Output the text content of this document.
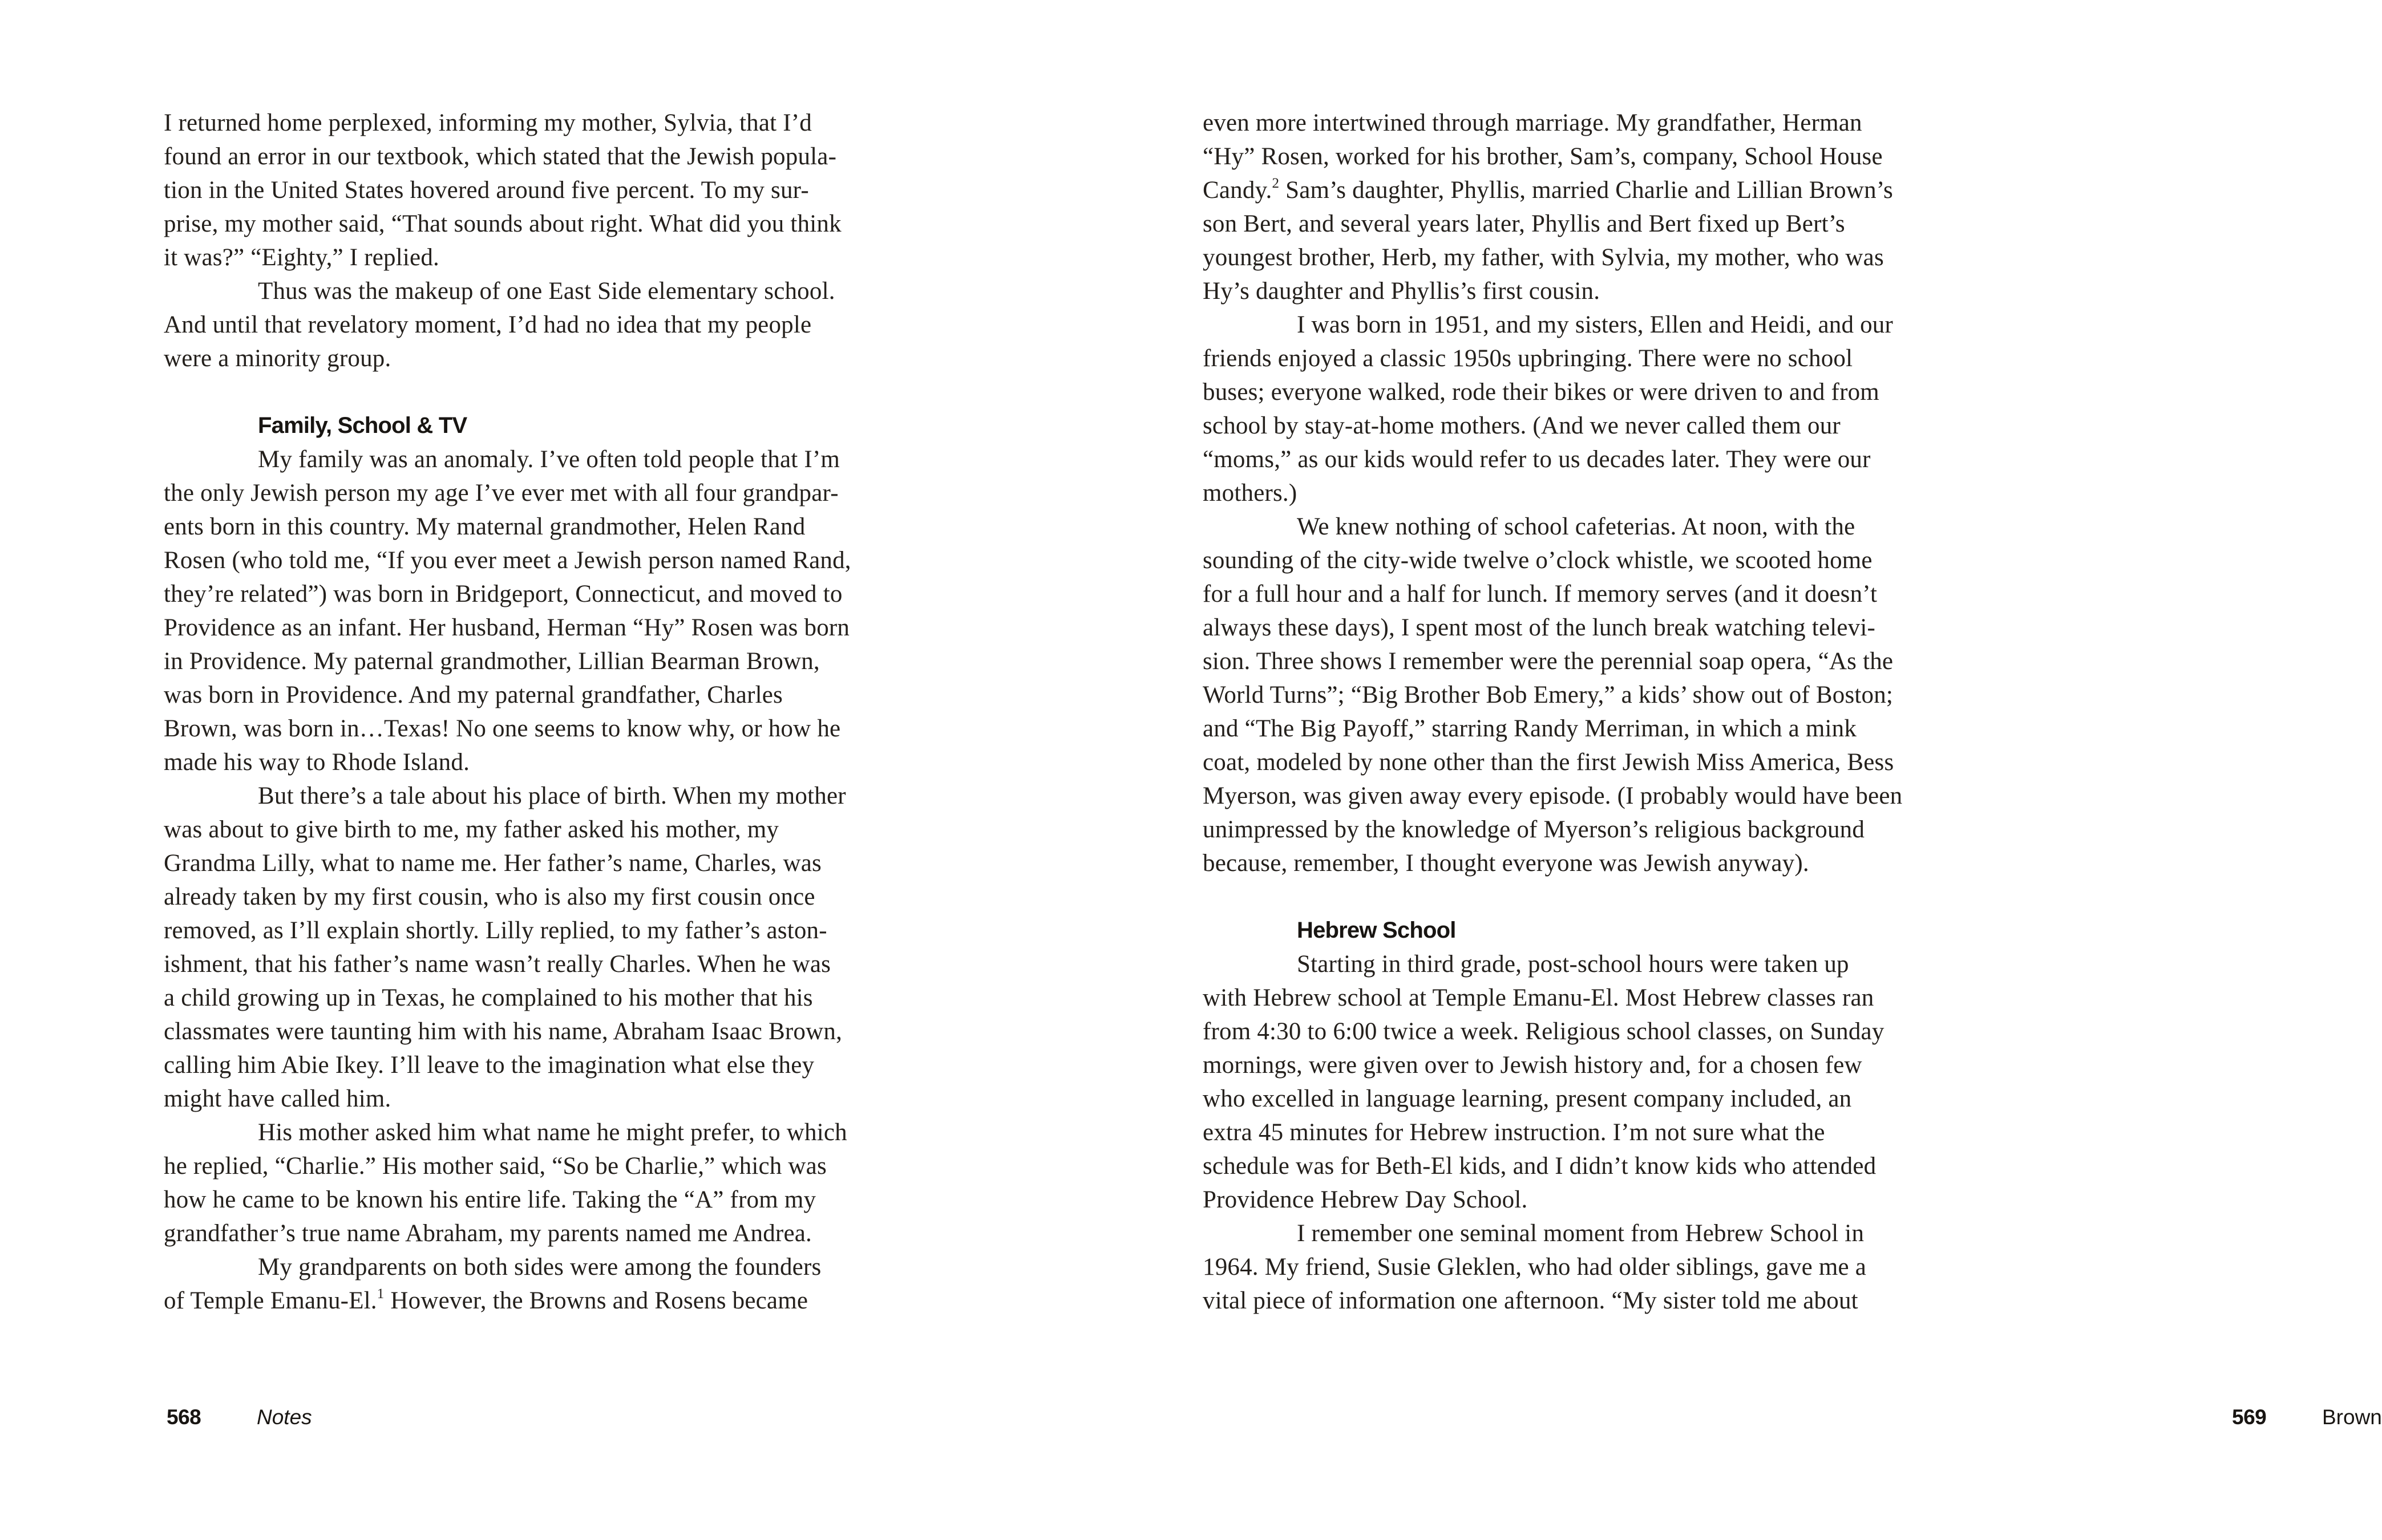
I returned home perplexed, informing my mother, Sylvia, that I’d
found an error in our textbook, which stated that the Jewish popula-
tion in the United States hovered around five percent. To my sur-
prise, my mother said, “That sounds about right. What did you think
it was?” “Eighty,” I replied.

Thus was the makeup of one East Side elementary school.
And until that revelatory moment, I’d had no idea that my people
were a minority group.

Family, School & TV

My family was an anomaly. I’ve often told people that I’m
the only Jewish person my age I’ve ever met with all four grandpar-
ents born in this country. My maternal grandmother, Helen Rand
Rosen (who told me, “If you ever meet a Jewish person named Rand,
they’re related”) was born in Bridgeport, Connecticut, and moved to
Providence as an infant. Her husband, Herman “Hy” Rosen was born
in Providence. My paternal grandmother, Lillian Bearman Brown,
was born in Providence. And my paternal grandfather, Charles
Brown, was born in…Texas! No one seems to know why, or how he
made his way to Rhode Island.

But there’s a tale about his place of birth. When my mother
was about to give birth to me, my father asked his mother, my
Grandma Lilly, what to name me. Her father’s name, Charles, was
already taken by my first cousin, who is also my first cousin once
removed, as I’ll explain shortly. Lilly replied, to my father’s aston-
ishment, that his father’s name wasn’t really Charles. When he was
a child growing up in Texas, he complained to his mother that his
classmates were taunting him with his name, Abraham Isaac Brown,
calling him Abie Ikey. I’ll leave to the imagination what else they
might have called him.

His mother asked him what name he might prefer, to which
he replied, “Charlie.” His mother said, “So be Charlie,” which was
how he came to be known his entire life. Taking the “A” from my
grandfather’s true name Abraham, my parents named me Andrea.

My grandparents on both sides were among the founders
of Temple Emanu-El.$^1$ However, the Browns and Rosens became

568	Notes

even more intertwined through marriage. My grandfather, Herman
“Hy” Rosen, worked for his brother, Sam’s, company, School House
Candy.$^2$ Sam’s daughter, Phyllis, married Charlie and Lillian Brown’s
son Bert, and several years later, Phyllis and Bert fixed up Bert’s
youngest brother, Herb, my father, with Sylvia, my mother, who was
Hy’s daughter and Phyllis’s first cousin.

I was born in 1951, and my sisters, Ellen and Heidi, and our
friends enjoyed a classic 1950s upbringing. There were no school
buses; everyone walked, rode their bikes or were driven to and from
school by stay-at-home mothers. (And we never called them our
“moms,” as our kids would refer to us decades later. They were our
mothers.)

We knew nothing of school cafeterias. At noon, with the
sounding of the city-wide twelve o’clock whistle, we scooted home
for a full hour and a half for lunch. If memory serves (and it doesn’t
always these days), I spent most of the lunch break watching televi-
sion. Three shows I remember were the perennial soap opera, “As the
World Turns”; “Big Brother Bob Emery,” a kids’ show out of Boston;
and “The Big Payoff,” starring Randy Merriman, in which a mink
coat, modeled by none other than the first Jewish Miss America, Bess
Myerson, was given away every episode. (I probably would have been
unimpressed by the knowledge of Myerson’s religious background
because, remember, I thought everyone was Jewish anyway).

Hebrew School

Starting in third grade, post-school hours were taken up
with Hebrew school at Temple Emanu-El. Most Hebrew classes ran
from 4:30 to 6:00 twice a week. Religious school classes, on Sunday
mornings, were given over to Jewish history and, for a chosen few
who excelled in language learning, present company included, an
extra 45 minutes for Hebrew instruction. I’m not sure what the
schedule was for Beth-El kids, and I didn’t know kids who attended
Providence Hebrew Day School.

I remember one seminal moment from Hebrew School in
1964. My friend, Susie Gleklen, who had older siblings, gave me a
vital piece of information one afternoon. “My sister told me about

569	Brown
